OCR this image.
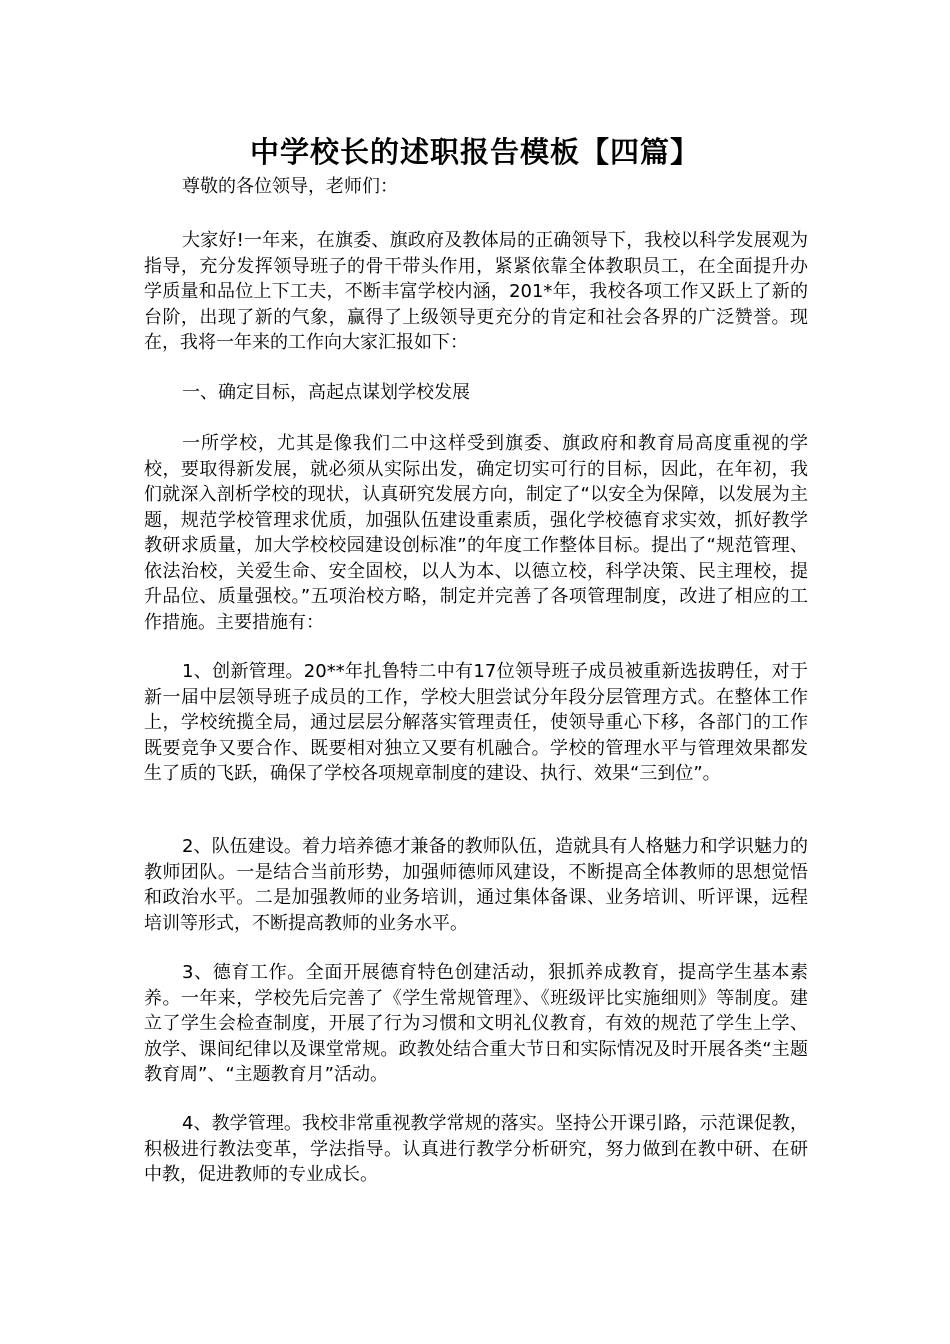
中学校长的述职报告模板【四篇】
尊敬的各位领导，老师们：
大家好!一年来，在旗委、旗政府及教体局的正确领导下，我校以科学发展观为指导，充分发挥领导班子的骨干带头作用，紧紧依靠全体教职员工，在全面提升办学质量和品位上下工夫，不断丰富学校内涵，201*年，我校各项工作又跃上了新的台阶，出现了新的气象，赢得了上级领导更充分的肯定和社会各界的广泛赞誉。现在，我将一年来的工作向大家汇报如下：
一、确定目标，高起点谋划学校发展
一所学校，尤其是像我们二中这样受到旗委、旗政府和教育局高度重视的学校，要取得新发展，就必须从实际出发，确定切实可行的目标，因此，在年初，我们就深入剖析学校的现状，认真研究发展方向，制定了“以安全为保障，以发展为主题，规范学校管理求优质，加强队伍建设重素质，强化学校德育求实效，抓好教学教研求质量，加大学校校园建设创标准”的年度工作整体目标。提出了“规范管理、依法治校，关爱生命、安全固校，以人为本、以德立校，科学决策、民主理校，提升品位、质量强校。”五项治校方略，制定并完善了各项管理制度，改进了相应的工作措施。主要措施有：
1、创新管理。20**年扎鲁特二中有17位领导班子成员被重新选拔聘任，对于新一届中层领导班子成员的工作，学校大胆尝试分年段分层管理方式。在整体工作上，学校统揽全局，通过层层分解落实管理责任，使领导重心下移，各部门的工作既要竞争又要合作、既要相对独立又要有机融合。学校的管理水平与管理效果都发生了质的飞跃，确保了学校各项规章制度的建设、执行、效果“三到位”。
2、队伍建设。着力培养德才兼备的教师队伍，造就具有人格魅力和学识魅力的教师团队。一是结合当前形势，加强师德师风建设，不断提高全体教师的思想觉悟和政治水平。二是加强教师的业务培训，通过集体备课、业务培训、听评课，远程培训等形式，不断提高教师的业务水平。
3、德育工作。全面开展德育特色创建活动，狠抓养成教育，提高学生基本素养。一年来，学校先后完善了《学生常规管理》、《班级评比实施细则》等制度。建立了学生会检查制度，开展了行为习惯和文明礼仪教育，有效的规范了学生上学、放学、课间纪律以及课堂常规。政教处结合重大节日和实际情况及时开展各类“主题教育周”、“主题教育月”活动。
4、教学管理。我校非常重视教学常规的落实。坚持公开课引路，示范课促教，积极进行教法变革，学法指导。认真进行教学分析研究，努力做到在教中研、在研中教，促进教师的专业成长。
